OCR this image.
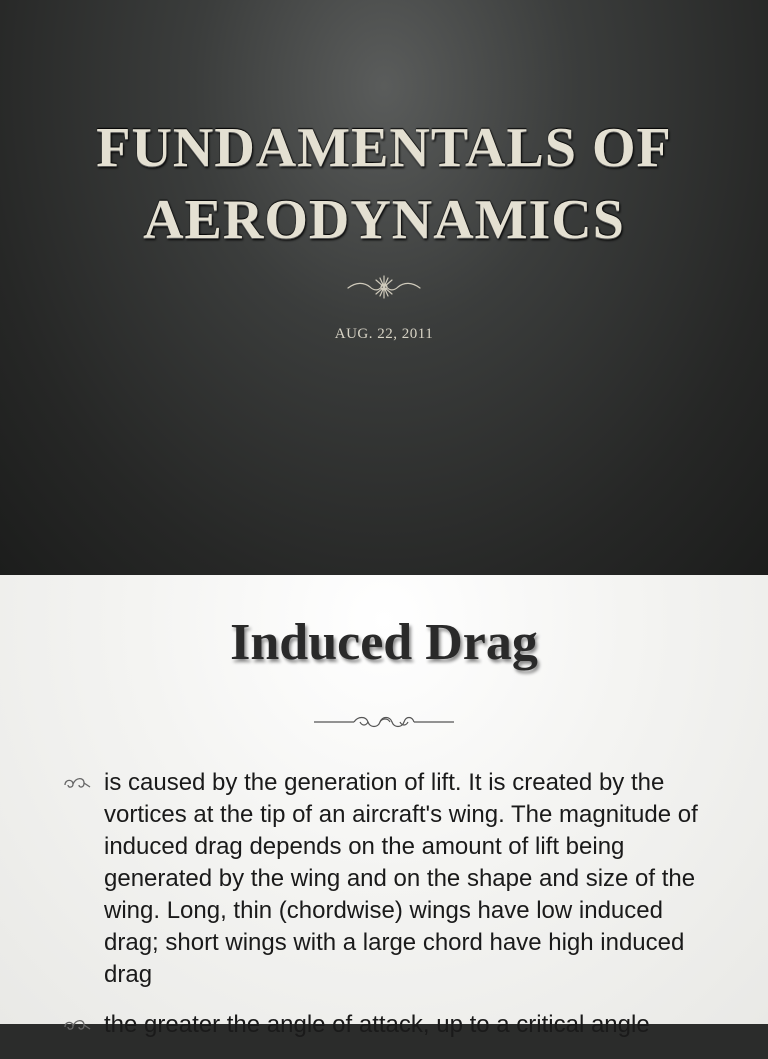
FUNDAMENTALS OF
AERODYNAMICS
AUG. 22, 2011
Induced Drag
is caused by the generation of lift. It is created by the vortices at the tip of an aircraft's wing. The magnitude of induced drag depends on the amount of lift being generated by the wing and on the shape and size of the wing. Long, thin (chordwise) wings have low induced drag; short wings with a large chord have high induced drag
the greater the angle of attack, up to a critical angle
